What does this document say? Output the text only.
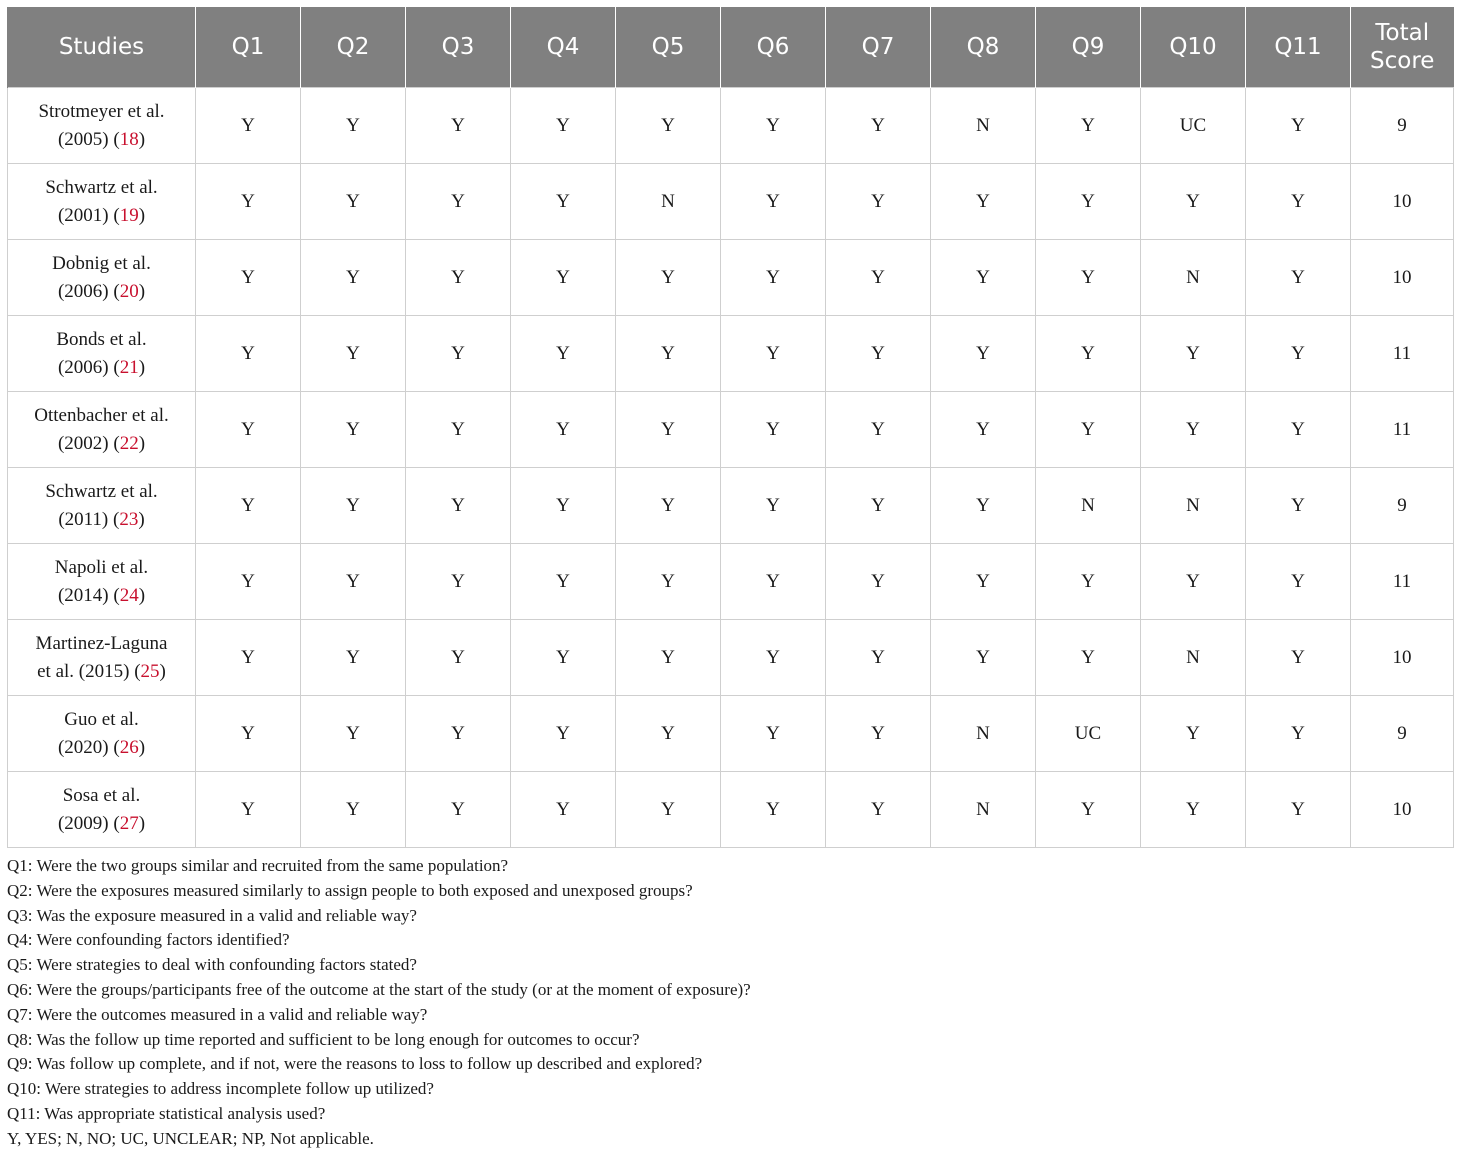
Studies	Q1	Q2	Q3	Q4	Q5	Q6	Q7	Q8	Q9	Q10	Q11	Total Score
Strotmeyer et al.
(2005) (18)	Y	Y	Y	Y	Y	Y	Y	N	Y	UC	Y	9
Schwartz et al.
(2001) (19)	Y	Y	Y	Y	N	Y	Y	Y	Y	Y	Y	10
Dobnig et al.
(2006) (20)	Y	Y	Y	Y	Y	Y	Y	Y	Y	N	Y	10
Bonds et al.
(2006) (21)	Y	Y	Y	Y	Y	Y	Y	Y	Y	Y	Y	11
Ottenbacher et al.
(2002) (22)	Y	Y	Y	Y	Y	Y	Y	Y	Y	Y	Y	11
Schwartz et al.
(2011) (23)	Y	Y	Y	Y	Y	Y	Y	Y	N	N	Y	9
Napoli et al.
(2014) (24)	Y	Y	Y	Y	Y	Y	Y	Y	Y	Y	Y	11
Martinez-Laguna
et al. (2015) (25)	Y	Y	Y	Y	Y	Y	Y	Y	Y	N	Y	10
Guo et al.
(2020) (26)	Y	Y	Y	Y	Y	Y	Y	N	UC	Y	Y	9
Sosa et al.
(2009) (27)	Y	Y	Y	Y	Y	Y	Y	N	Y	Y	Y	10
Q1: Were the two groups similar and recruited from the same population?
Q2: Were the exposures measured similarly to assign people to both exposed and unexposed groups?
Q3: Was the exposure measured in a valid and reliable way?
Q4: Were confounding factors identified?
Q5: Were strategies to deal with confounding factors stated?
Q6: Were the groups/participants free of the outcome at the start of the study (or at the moment of exposure)?
Q7: Were the outcomes measured in a valid and reliable way?
Q8: Was the follow up time reported and sufficient to be long enough for outcomes to occur?
Q9: Was follow up complete, and if not, were the reasons to loss to follow up described and explored?
Q10: Were strategies to address incomplete follow up utilized?
Q11: Was appropriate statistical analysis used?
Y, YES; N, NO; UC, UNCLEAR; NP, Not applicable.
